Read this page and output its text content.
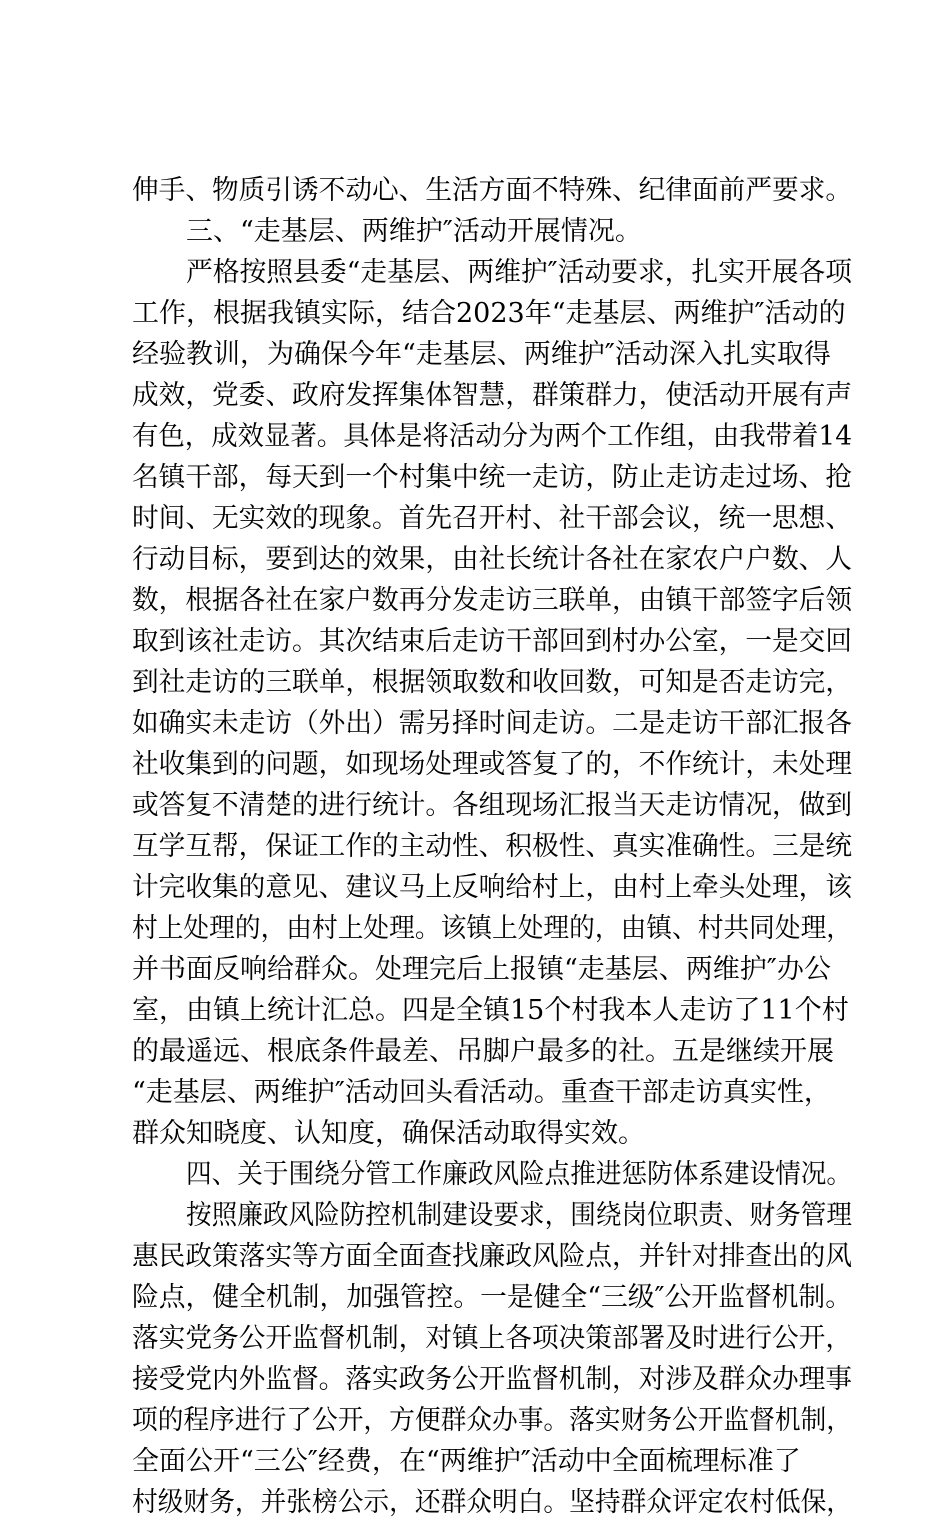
伸手、物质引诱不动心、生活方面不特殊、纪律面前严要求。
三、“走基层、两维护″活动开展情况。
严格按照县委“走基层、两维护″活动要求，扎实开展各项
工作，根据我镇实际，结合2023年“走基层、两维护″活动的
经验教训，为确保今年“走基层、两维护″活动深入扎实取得
成效，党委、政府发挥集体智慧，群策群力，使活动开展有声
有色，成效显著。具体是将活动分为两个工作组，由我带着14
名镇干部，每天到一个村集中统一走访，防止走访走过场、抢
时间、无实效的现象。首先召开村、社干部会议，统一思想、
行动目标，要到达的效果，由社长统计各社在家农户户数、人
数，根据各社在家户数再分发走访三联单，由镇干部签字后领
取到该社走访。其次结束后走访干部回到村办公室，一是交回
到社走访的三联单，根据领取数和收回数，可知是否走访完，
如确实未走访（外出）需另择时间走访。二是走访干部汇报各
社收集到的问题，如现场处理或答复了的，不作统计，未处理
或答复不清楚的进行统计。各组现场汇报当天走访情况，做到
互学互帮，保证工作的主动性、积极性、真实准确性。三是统
计完收集的意见、建议马上反响给村上，由村上牵头处理，该
村上处理的，由村上处理。该镇上处理的，由镇、村共同处理，
并书面反响给群众。处理完后上报镇“走基层、两维护″办公
室，由镇上统计汇总。四是全镇15个村我本人走访了11个村
的最遥远、根底条件最差、吊脚户最多的社。五是继续开展
“走基层、两维护″活动回头看活动。重查干部走访真实性，
群众知晓度、认知度，确保活动取得实效。
四、关于围绕分管工作廉政风险点推进惩防体系建设情况。
按照廉政风险防控机制建设要求，围绕岗位职责、财务管理
惠民政策落实等方面全面查找廉政风险点，并针对排查出的风
险点，健全机制，加强管控。一是健全“三级″公开监督机制。
落实党务公开监督机制，对镇上各项决策部署及时进行公开，
接受党内外监督。落实政务公开监督机制，对涉及群众办理事
项的程序进行了公开，方便群众办事。落实财务公开监督机制，
全面公开“三公″经费，在“两维护″活动中全面梳理标准了
村级财务，并张榜公示，还群众明白。坚持群众评定农村低保，
